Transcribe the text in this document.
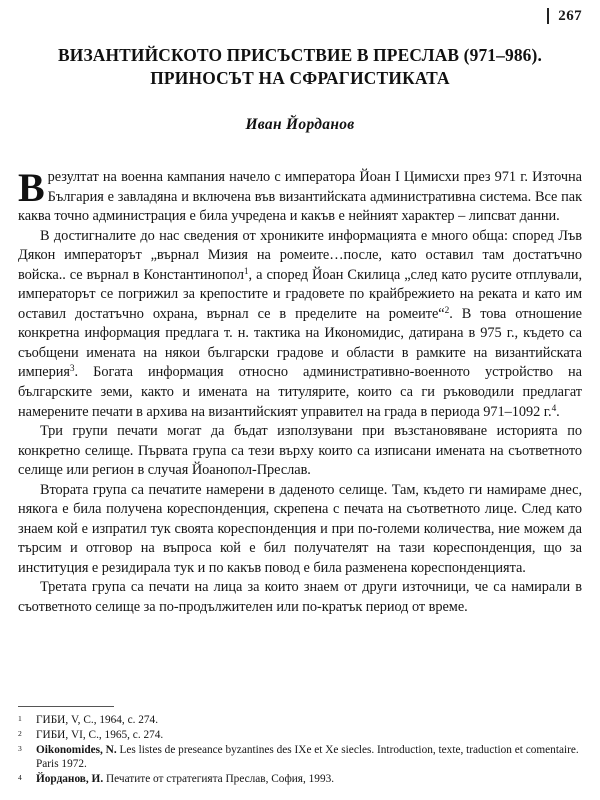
267
ВИЗАНТИЙСКОТО ПРИСЪСТВИЕ В ПРЕСЛАВ (971–986).
ПРИНОСЪТ НА СФРАГИСТИКАТА

Иван Йорданов

Врезултат на военна кампания начело с императора Йоан I Цимисхи през 971 г. Източна България е завладяна и включена във византийската административна система. Все пак каква точно администрация е била учредена и какъв е нейният характер – липсват данни.

В достигналите до нас сведения от хрониките информацията е много обща: според Лъв Дякон императорът „върнал Мизия на ромеите…после, като оставил там достатъчно войска.. се върнал в Константинопол$^1$, а според Йоан Скилица „след като русите отплували, императорът се погрижил за крепостите и градовете по крайбрежието на реката и като им оставил достатъчно охрана, върнал се в пределите на ромеите“$^2$. В това отношение конкретна информация предлага т. н. тактика на Икономидис, датирана в 975 г., където са съобщени имената на някои български градове и области в рамките на византийската империя$^3$. Богата информация относно административно-военното устройство на българските земи, както и имената на титулярите, които са ги ръководили предлагат намерените печати в архива на византийският управител на града в периода 971–1092 г.$^4$.

Три групи печати могат да бъдат използувани при възстановяване историята по конкретно селище. Първата група са тези върху които са изписани имената на съответното селище или регион в случая Йоанопол-Преслав.

Втората група са печатите намерени в даденото селище. Там, където ги намираме днес, някога е била получена кореспонденция, скрепена с печата на съответното лице. След като знаем кой е изпратил тук своята кореспонденция и при по-големи количества, ние можем да търсим и отговор на въпроса кой е бил получателят на тази кореспонденция, що за институция е резидирала тук и по какъв повод е била разменена кореспонденцията.

Третата група са печати на лица за които знаем от други източници, че са намирали в съответното селище за по-продължителен или по-кратък период от време.

1	ГИБИ, V, С., 1964, с. 274.
2	ГИБИ, VI, С., 1965, с. 274.
3	Oikonomides, N. Les listes de preseance byzantines des IXe et Xe siecles. Introduction, texte, traduction et comentaire. Paris 1972.
4	Йорданов, И. Печатите от стратегията Преслав, София, 1993.
